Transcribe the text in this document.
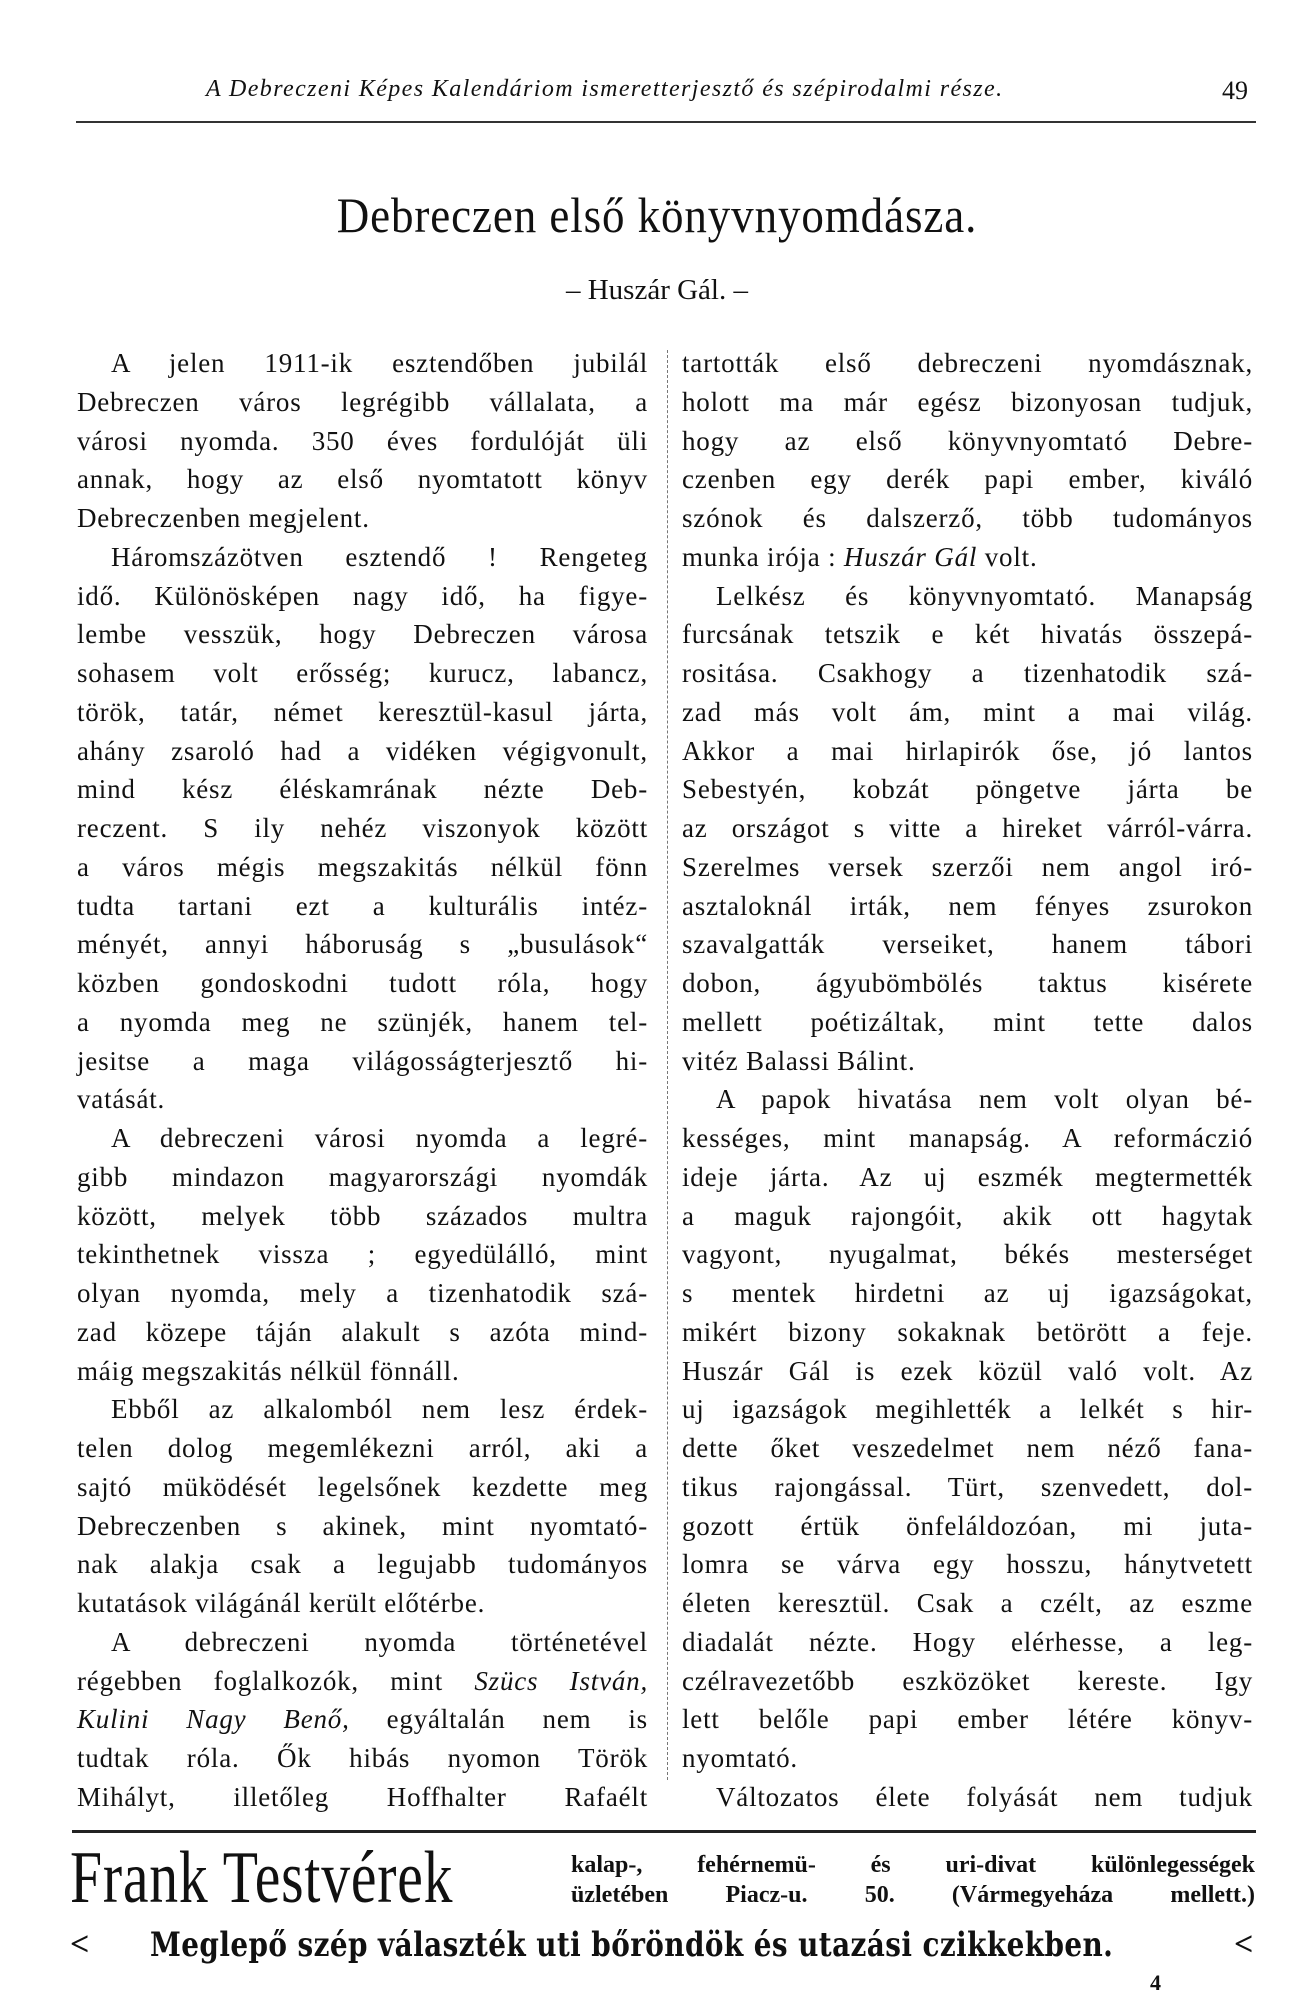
A Debreczeni Képes Kalendáriom ismeretterjesztő és szépirodalmi része.	49
Debreczen első könyvnyomdásza.
– Huszár Gál. –
A jelen 1911-ik esztendőben jubilál
Debreczen város legrégibb vállalata, a
városi nyomda. 350 éves fordulóját üli
annak, hogy az első nyomtatott könyv
Debreczenben megjelent.
Háromszázötven esztendő ! Rengeteg
idő. Különösképen nagy idő, ha figye-
lembe vesszük, hogy Debreczen városa
sohasem volt erősség; kurucz, labancz,
török, tatár, német keresztül-kasul járta,
ahány zsaroló had a vidéken végigvonult,
mind kész éléskamrának nézte Deb-
reczent. S ily nehéz viszonyok között
a város mégis megszakitás nélkül fönn
tudta tartani ezt a kulturális intéz-
ményét, annyi háboruság s „busulások“
közben gondoskodni tudott róla, hogy
a nyomda meg ne szünjék, hanem tel-
jesitse a maga világosságterjesztő hi-
vatását.
A debreczeni városi nyomda a legré-
gibb mindazon magyarországi nyomdák
között, melyek több százados multra
tekinthetnek vissza ; egyedülálló, mint
olyan nyomda, mely a tizenhatodik szá-
zad közepe táján alakult s azóta mind-
máig megszakitás nélkül fönnáll.
Ebből az alkalomból nem lesz érdek-
telen dolog megemlékezni arról, aki a
sajtó müködését legelsőnek kezdette meg
Debreczenben s akinek, mint nyomtató-
nak alakja csak a legujabb tudományos
kutatások világánál került előtérbe.
A debreczeni nyomda történetével
régebben foglalkozók, mint Szücs István,
Kulini Nagy Benő, egyáltalán nem is
tudtak róla. Ők hibás nyomon Török
Mihályt, illetőleg Hoffhalter Rafaélt
tartották első debreczeni nyomdásznak,
holott ma már egész bizonyosan tudjuk,
hogy az első könyvnyomtató Debre-
czenben egy derék papi ember, kiváló
szónok és dalszerző, több tudományos
munka irója : Huszár Gál volt.
Lelkész és könyvnyomtató. Manapság
furcsának tetszik e két hivatás összepá-
rositása. Csakhogy a tizenhatodik szá-
zad más volt ám, mint a mai világ.
Akkor a mai hirlapirók őse, jó lantos
Sebestyén, kobzát pöngetve járta be
az országot s vitte a hireket várról-várra.
Szerelmes versek szerzői nem angol iró-
asztaloknál irták, nem fényes zsurokon
szavalgatták verseiket, hanem tábori
dobon, ágyubömbölés taktus kisérete
mellett poétizáltak, mint tette dalos
vitéz Balassi Bálint.
A papok hivatása nem volt olyan bé-
kességes, mint manapság. A reformáczió
ideje járta. Az uj eszmék megtermették
a maguk rajongóit, akik ott hagytak
vagyont, nyugalmat, békés mesterséget
s mentek hirdetni az uj igazságokat,
mikért bizony sokaknak betörött a feje.
Huszár Gál is ezek közül való volt. Az
uj igazságok megihlették a lelkét s hir-
dette őket veszedelmet nem néző fana-
tikus rajongással. Türt, szenvedett, dol-
gozott értük önfeláldozóan, mi juta-
lomra se várva egy hosszu, hánytvetett
életen keresztül. Csak a czélt, az eszme
diadalát nézte. Hogy elérhesse, a leg-
czélravezetőbb eszközöket kereste. Igy
lett belőle papi ember létére könyv-
nyomtató.
Változatos élete folyását nem tudjuk
Frank Testvérek	kalap-, fehérnemü- és uri-divat különlegességek
üzletében Piacz-u. 50. (Vármegyeháza mellett.)
< Meglepő szép választék uti bőröndök és utazási czikkekben.	<
4
